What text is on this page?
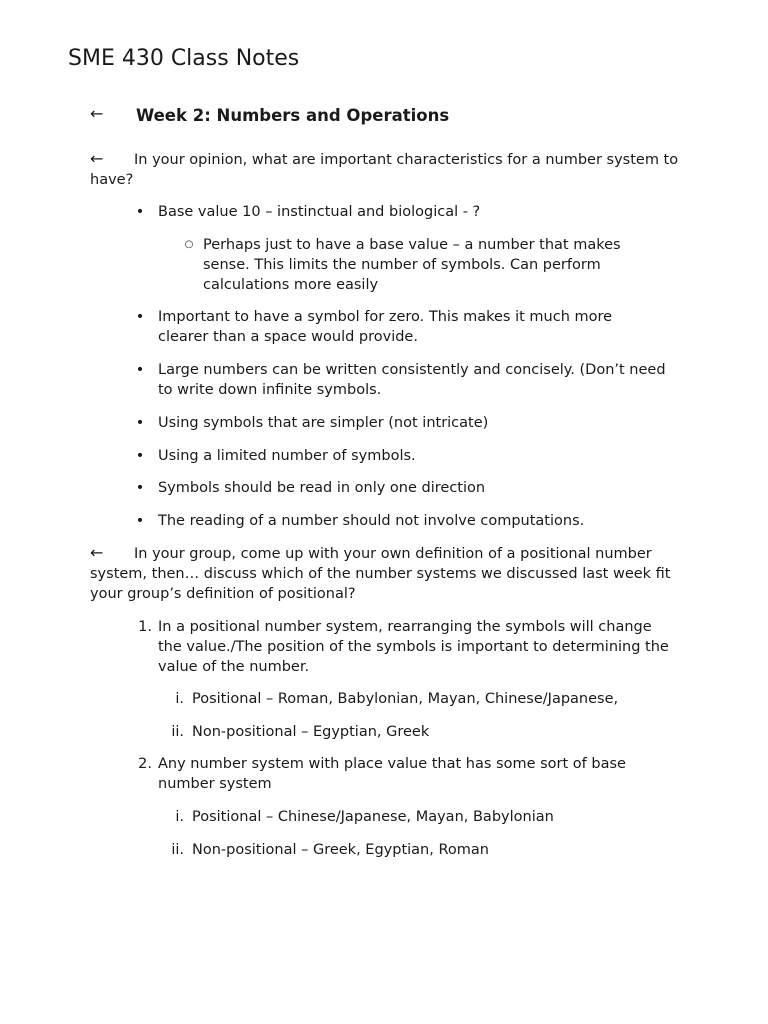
SME 430 Class Notes
← Week 2: Numbers and Operations
← In your opinion, what are important characteristics for a number system to have?
• Base value 10 – instinctual and biological - ?
○ Perhaps just to have a base value – a number that makes sense. This limits the number of symbols. Can perform calculations more easily
• Important to have a symbol for zero. This makes it much more clearer than a space would provide.
• Large numbers can be written consistently and concisely. (Don’t need to write down infinite symbols.
• Using symbols that are simpler (not intricate)
• Using a limited number of symbols.
• Symbols should be read in only one direction
• The reading of a number should not involve computations.
← In your group, come up with your own definition of a positional number system, then… discuss which of the number systems we discussed last week fit your group’s definition of positional?
1. In a positional number system, rearranging the symbols will change the value./The position of the symbols is important to determining the value of the number.
i. Positional – Roman, Babylonian, Mayan, Chinese/Japanese,
ii. Non-positional – Egyptian, Greek
2. Any number system with place value that has some sort of base number system
i. Positional – Chinese/Japanese, Mayan, Babylonian
ii. Non-positional – Greek, Egyptian, Roman
